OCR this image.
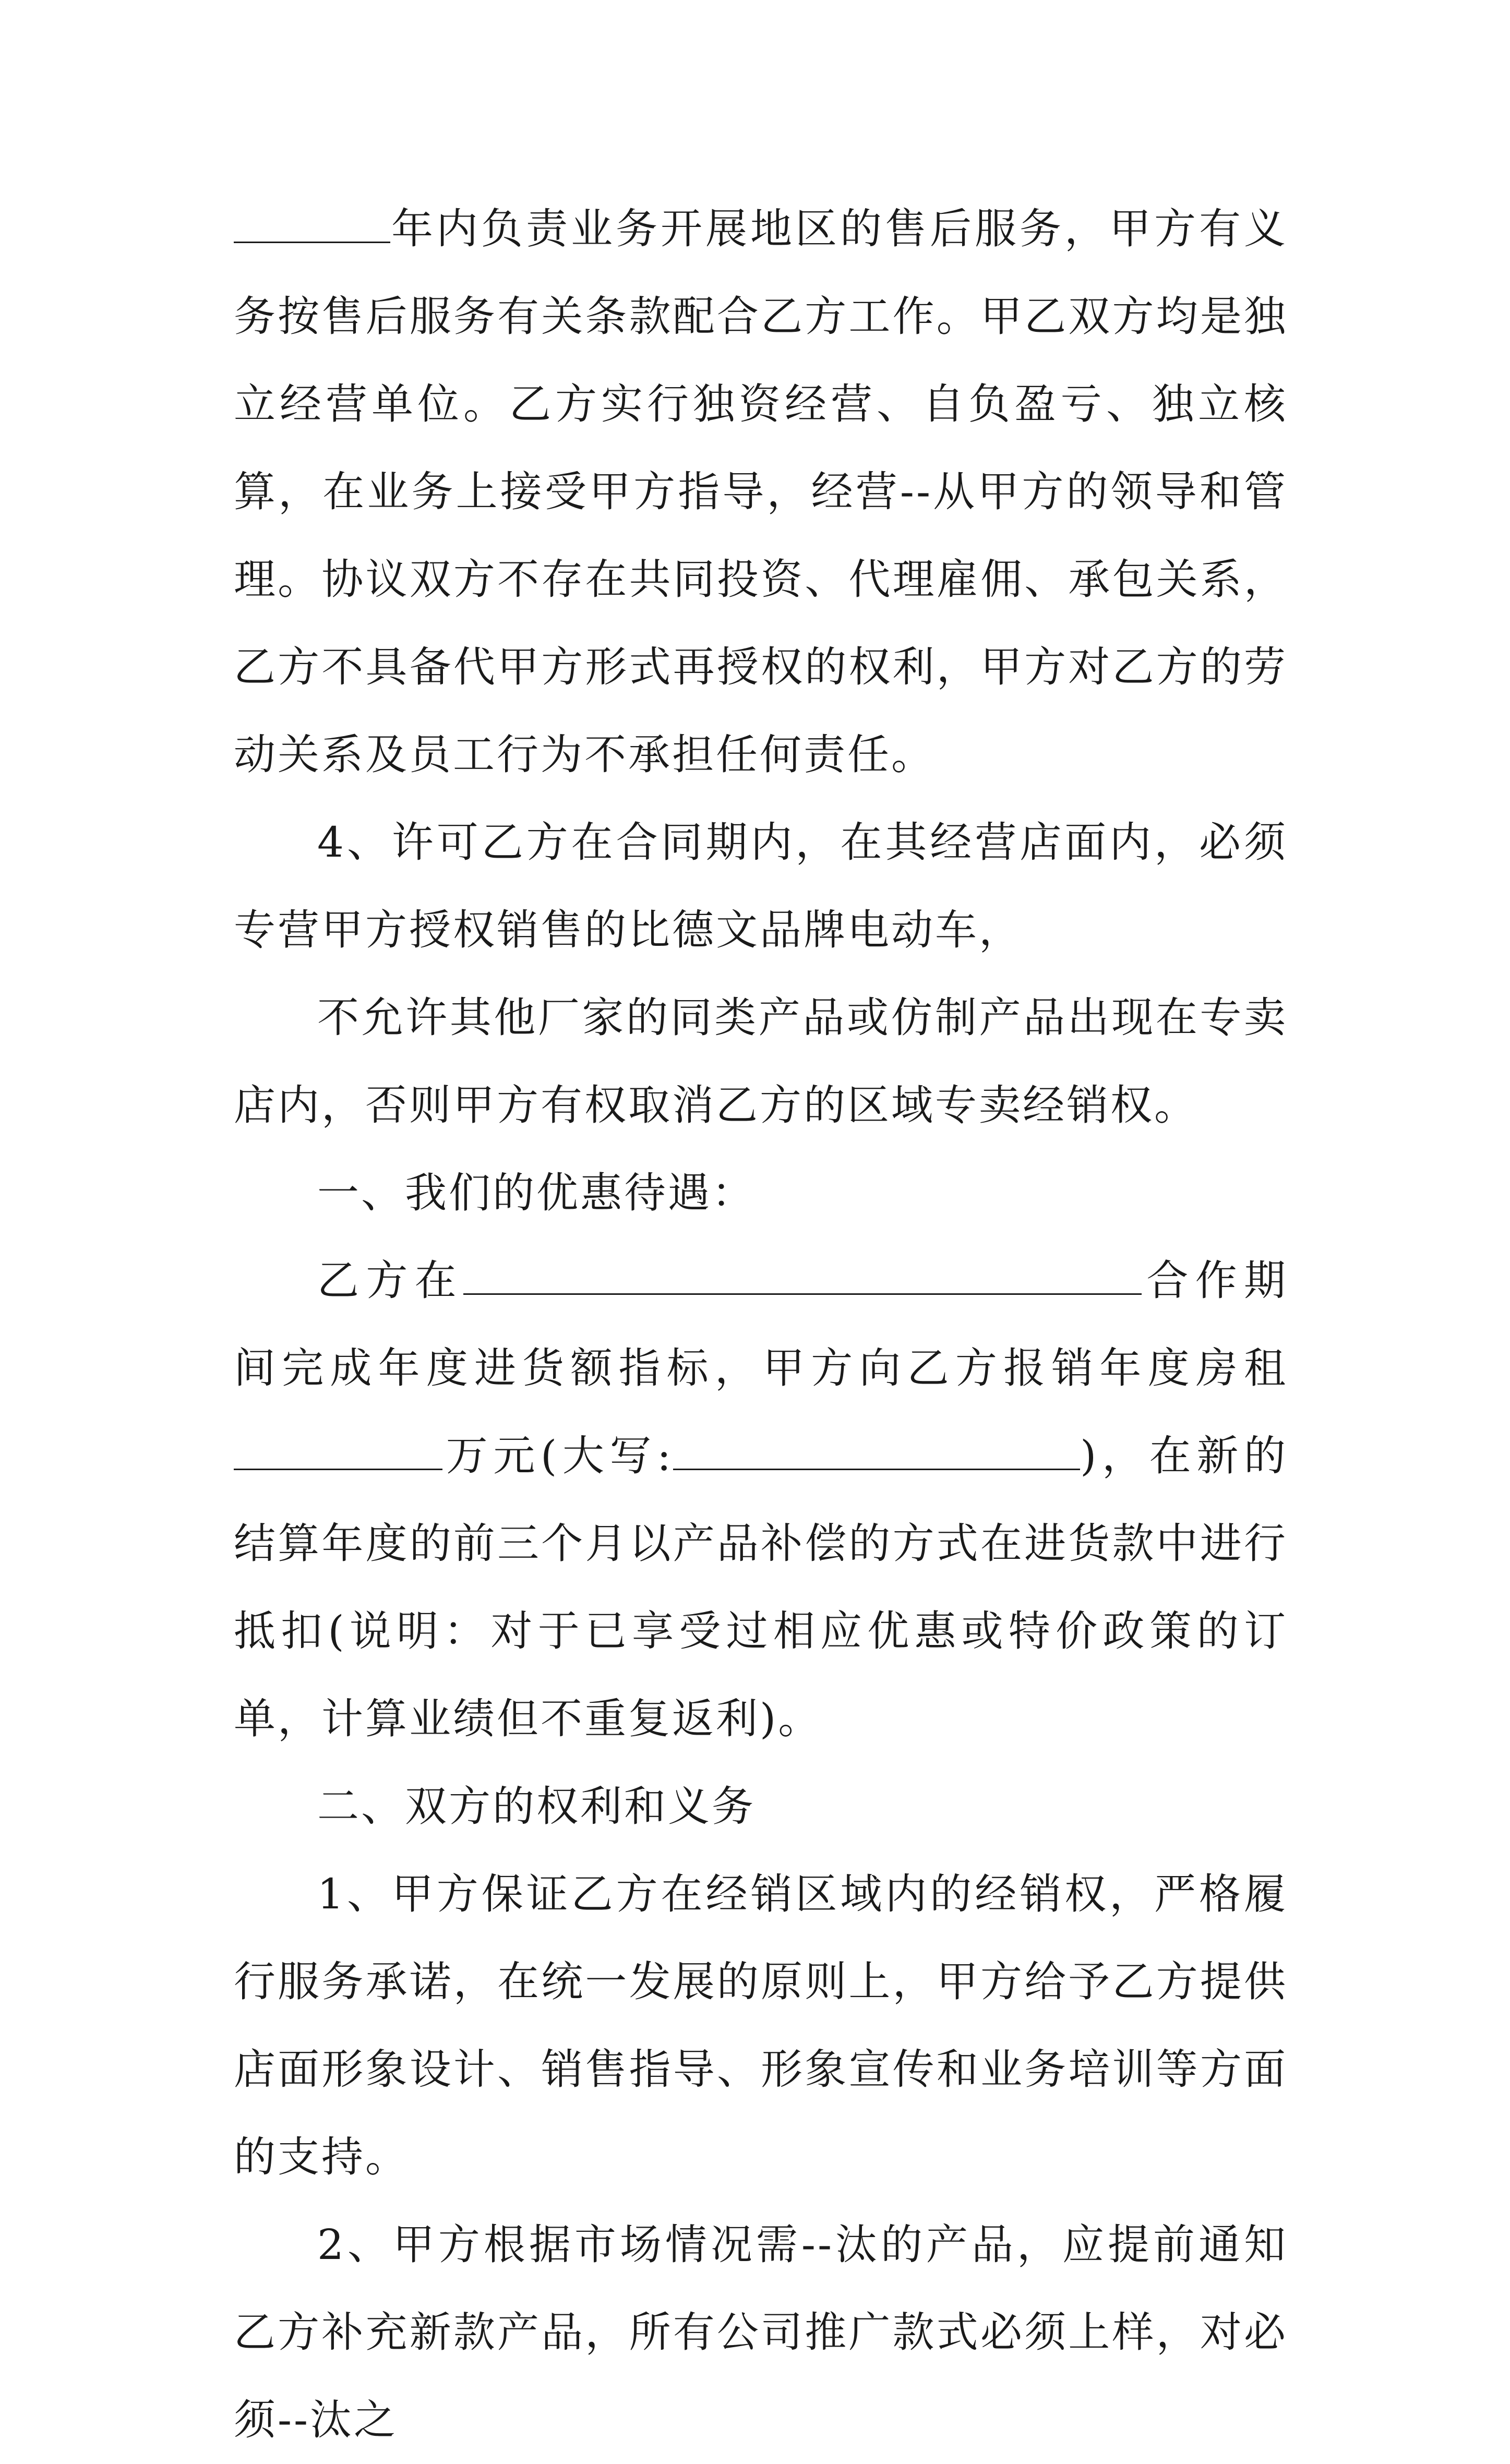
年内负责业务开展地区的售后服务，甲方有义务按售后服务有关条款配合乙方工作。甲乙双方均是独立经营单位。乙方实行独资经营、自负盈亏、独立核算，在业务上接受甲方指导，经营--从甲方的领导和管理。协议双方不存在共同投资、代理雇佣、承包关系，乙方不具备代甲方形式再授权的权利，甲方对乙方的劳动关系及员工行为不承担任何责任。

4、许可乙方在合同期内，在其经营店面内，必须专营甲方授权销售的比德文品牌电动车，

不允许其他厂家的同类产品或仿制产品出现在专卖店内，否则甲方有权取消乙方的区域专卖经销权。

一、我们的优惠待遇：

乙方在	合作期间完成年度进货额指标，甲方向乙方报销年度房租万元(大写:	)，在新的结算年度的前三个月以产品补偿的方式在进货款中进行抵扣(说明：对于已享受过相应优惠或特价政策的订单，计算业绩但不重复返利)。

二、双方的权利和义务

1、甲方保证乙方在经销区域内的经销权，严格履行服务承诺，在统一发展的原则上，甲方给予乙方提供店面形象设计、销售指导、形象宣传和业务培训等方面的支持。

2、甲方根据市场情况需--汰的产品，应提前通知乙方补充新款产品，所有公司推广款式必须上样，对必须--汰之
